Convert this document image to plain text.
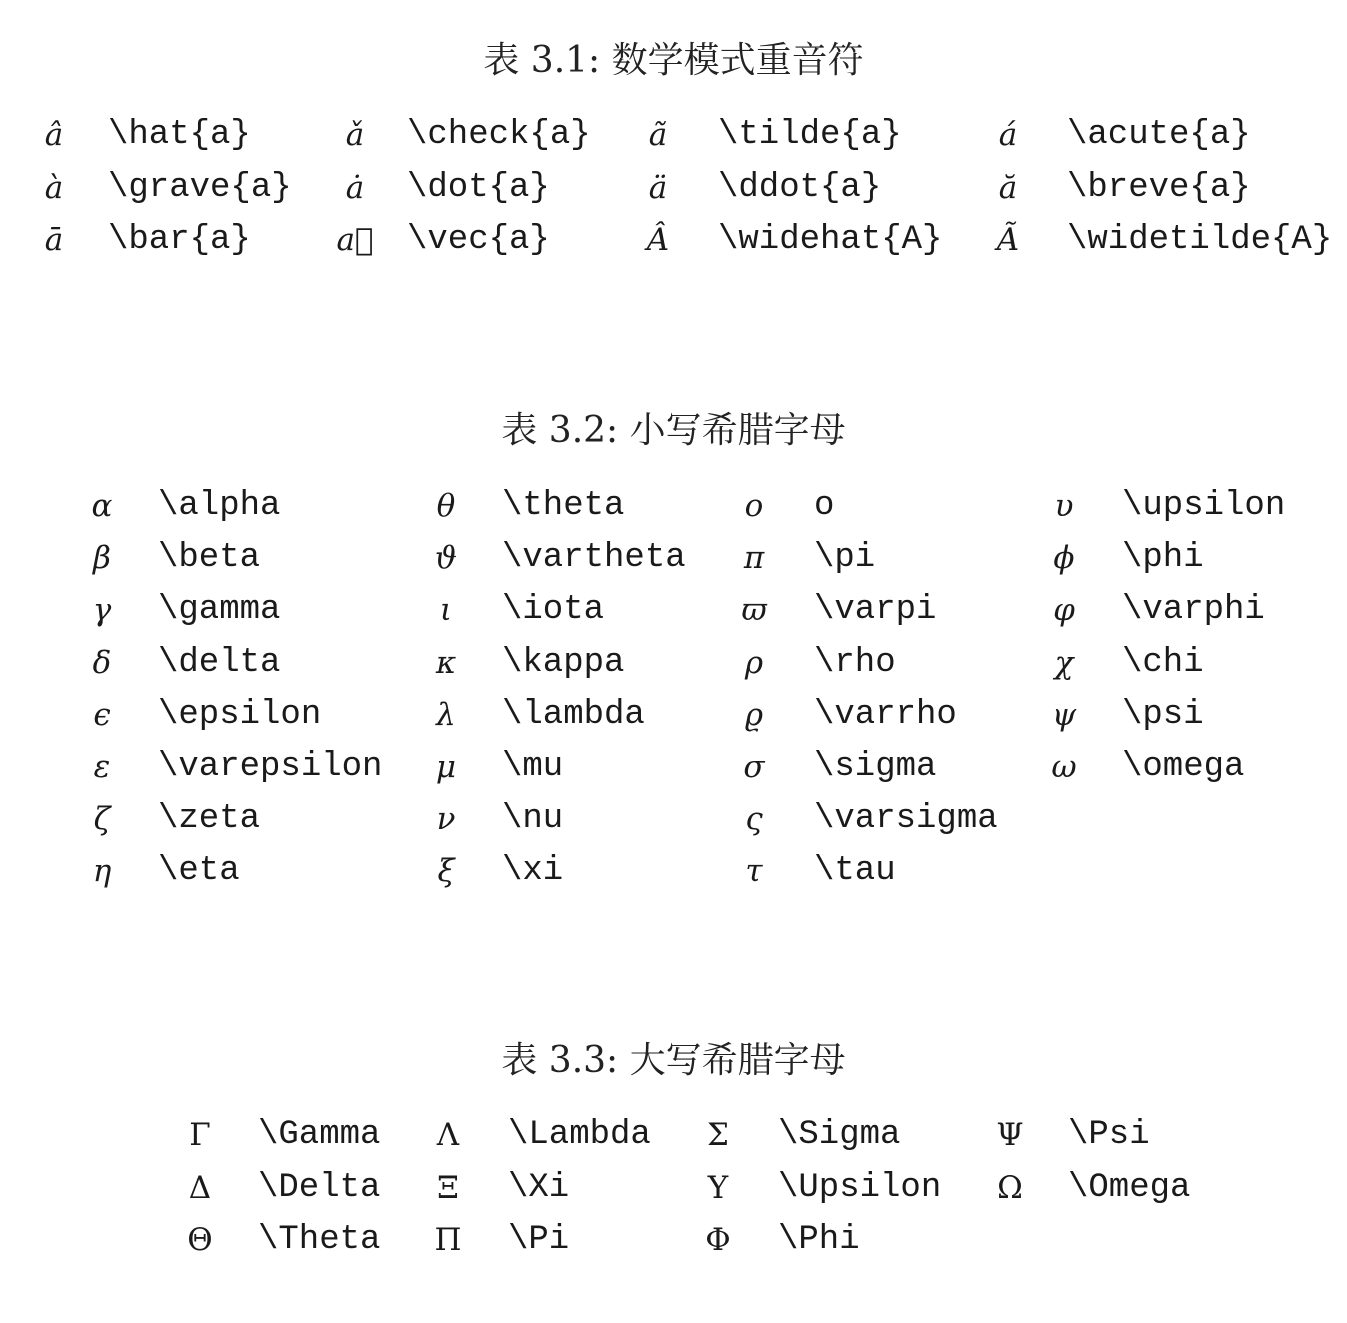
表 3.1: 数学模式重音符
â	\hat{a}	ǎ	\check{a}	ã	\tilde{a}	á	\acute{a}
à	\grave{a}	ȧ	\dot{a}	ä	\ddot{a}	ă	\breve{a}
ā	\bar{a}	a⃗ \vec{a}	Â	\widehat{A}	Ã	\widetilde{A}
表 3.2: 小写希腊字母
α	\alpha	θ	\theta	o	o	υ	\upsilon
β	\beta	ϑ	\vartheta	π	\pi	ϕ	\phi
γ	\gamma	ι	\iota	ϖ	\varpi	φ	\varphi
δ	\delta	κ	\kappa	ρ	\rho	χ	\chi
ϵ	\epsilon	λ	\lambda	ϱ	\varrho	ψ	\psi
ε	\varepsilon	μ	\mu	σ	\sigma	ω	\omega
ζ	\zeta	ν	\nu	ς	\varsigma
η	\eta	ξ	\xi	τ	\tau
表 3.3: 大写希腊字母
Γ	\Gamma	Λ	\Lambda	Σ	\Sigma	Ψ	\Psi
Δ	\Delta	Ξ	\Xi	Υ	\Upsilon	Ω	\Omega
Θ	\Theta	Π	\Pi	Φ	\Phi
